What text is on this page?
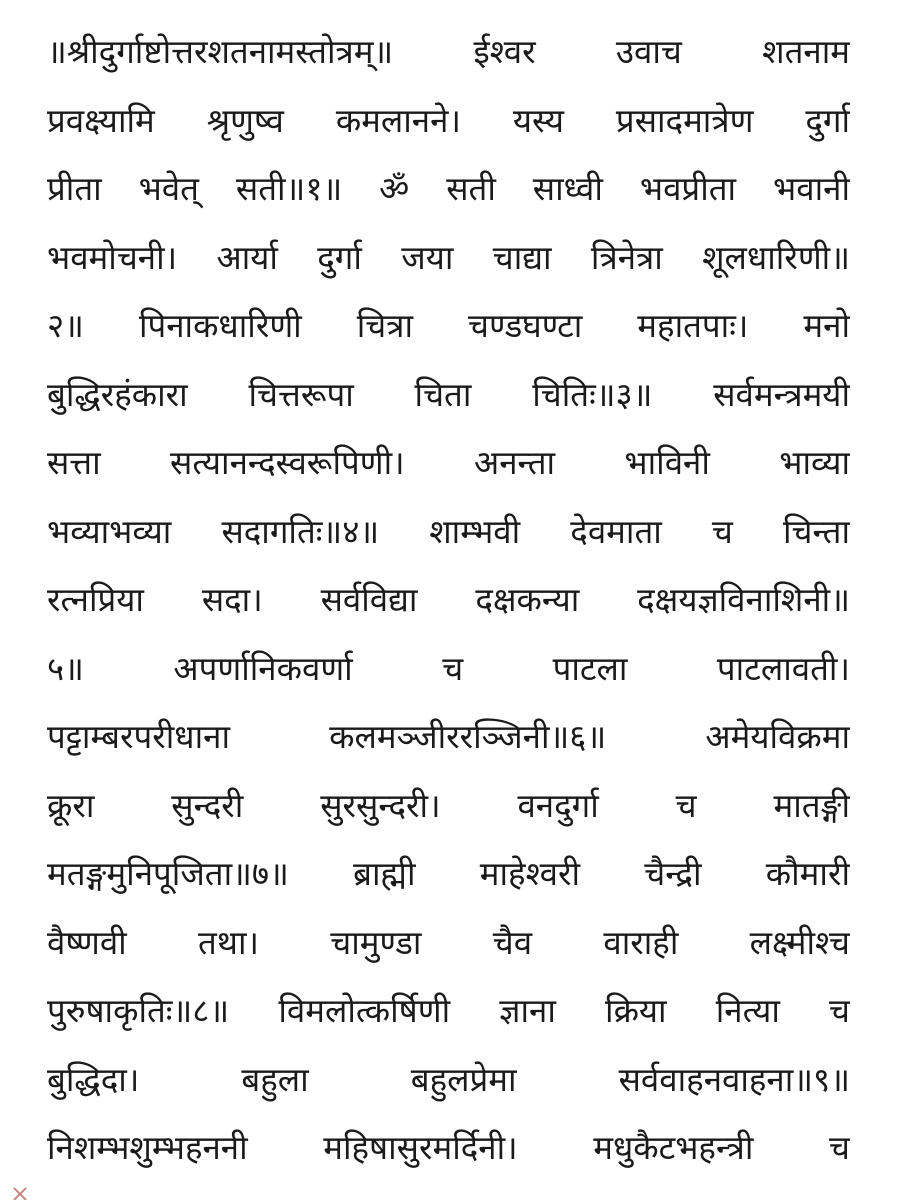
॥श्रीदुर्गाष्टोत्तरशतनामस्तोत्रम्॥ ईश्वर उवाच शतनाम
प्रवक्ष्यामि श्रृणुष्व कमलानने। यस्य प्रसादमात्रेण दुर्गा
प्रीता भवेत् सती॥१॥ ॐ सती साध्वी भवप्रीता भवानी
भवमोचनी। आर्या दुर्गा जया चाद्या त्रिनेत्रा शूलधारिणी॥
२॥ पिनाकधारिणी चित्रा चण्डघण्टा महातपाः। मनो
बुद्धिरहंकारा चित्तरूपा चिता चितिः॥३॥ सर्वमन्त्रमयी
सत्ता सत्यानन्दस्वरूपिणी। अनन्ता भाविनी भाव्या
भव्याभव्या सदागतिः॥४॥ शाम्भवी देवमाता च चिन्ता
रत्नप्रिया सदा। सर्वविद्या दक्षकन्या दक्षयज्ञविनाशिनी॥
५॥ अपर्णानिकवर्णा च पाटला पाटलावती।
पट्टाम्बरपरीधाना कलमञ्जीररञ्जिनी॥६॥ अमेयविक्रमा
क्रूरा सुन्दरी सुरसुन्दरी। वनदुर्गा च मातङ्गी
मतङ्गमुनिपूजिता॥७॥ ब्राह्मी माहेश्वरी चैन्द्री कौमारी
वैष्णवी तथा। चामुण्डा चैव वाराही लक्ष्मीश्च
पुरुषाकृतिः॥८॥ विमलोत्कर्षिणी ज्ञाना क्रिया नित्या च
बुद्धिदा। बहुला बहुलप्रेमा सर्ववाहनवाहना॥९॥
निशम्भशुम्भहननी महिषासुरमर्दिनी। मधुकैटभहन्त्री च
